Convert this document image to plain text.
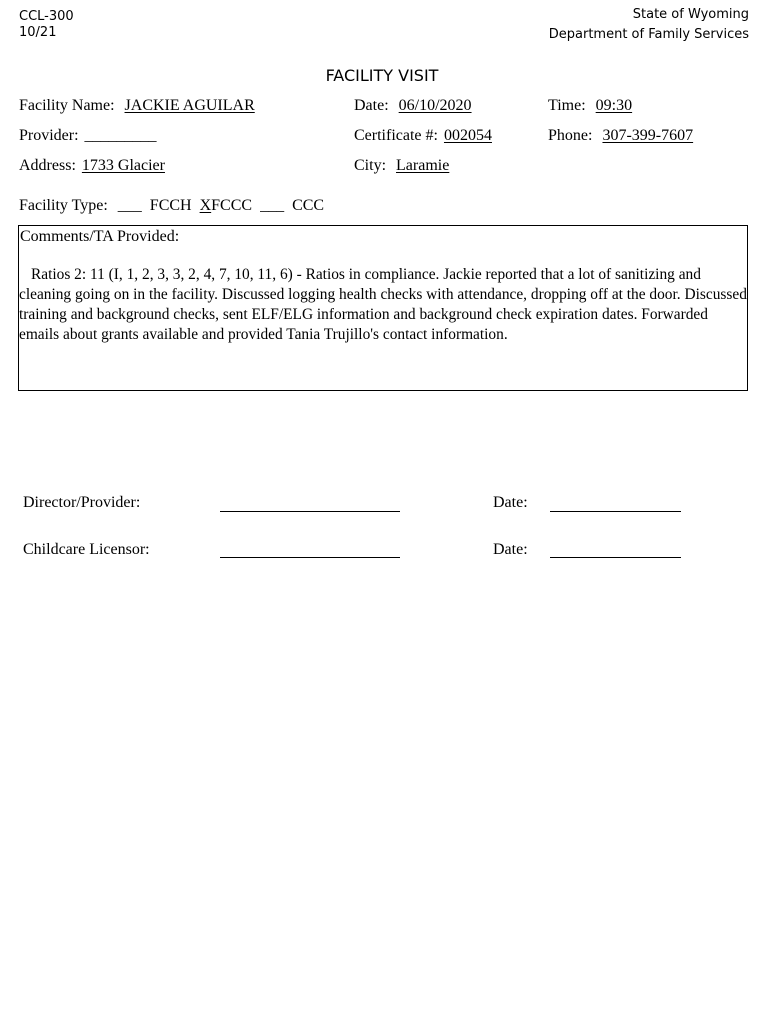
CCL-300
10/21
State of Wyoming
Department of Family Services
FACILITY VISIT
Facility Name: JACKIE AGUILAR	Date: 06/10/2020	Time: 09:30
Provider: _________	Certificate #: 002054	Phone: 307-399-7607
Address: 1733 Glacier	City: Laramie
Facility Type: ___ FCCH XFCCC ___ CCC
Comments/TA Provided:
Ratios 2: 11 (I, 1, 2, 3, 3, 2, 4, 7, 10, 11, 6) - Ratios in compliance. Jackie reported that a lot of sanitizing and cleaning going on in the facility. Discussed logging health checks with attendance, dropping off at the door. Discussed training and background checks, sent ELF/ELG information and background check expiration dates. Forwarded emails about grants available and provided Tania Trujillo's contact information.
Director/Provider:	Date:
Childcare Licensor:	Date:
